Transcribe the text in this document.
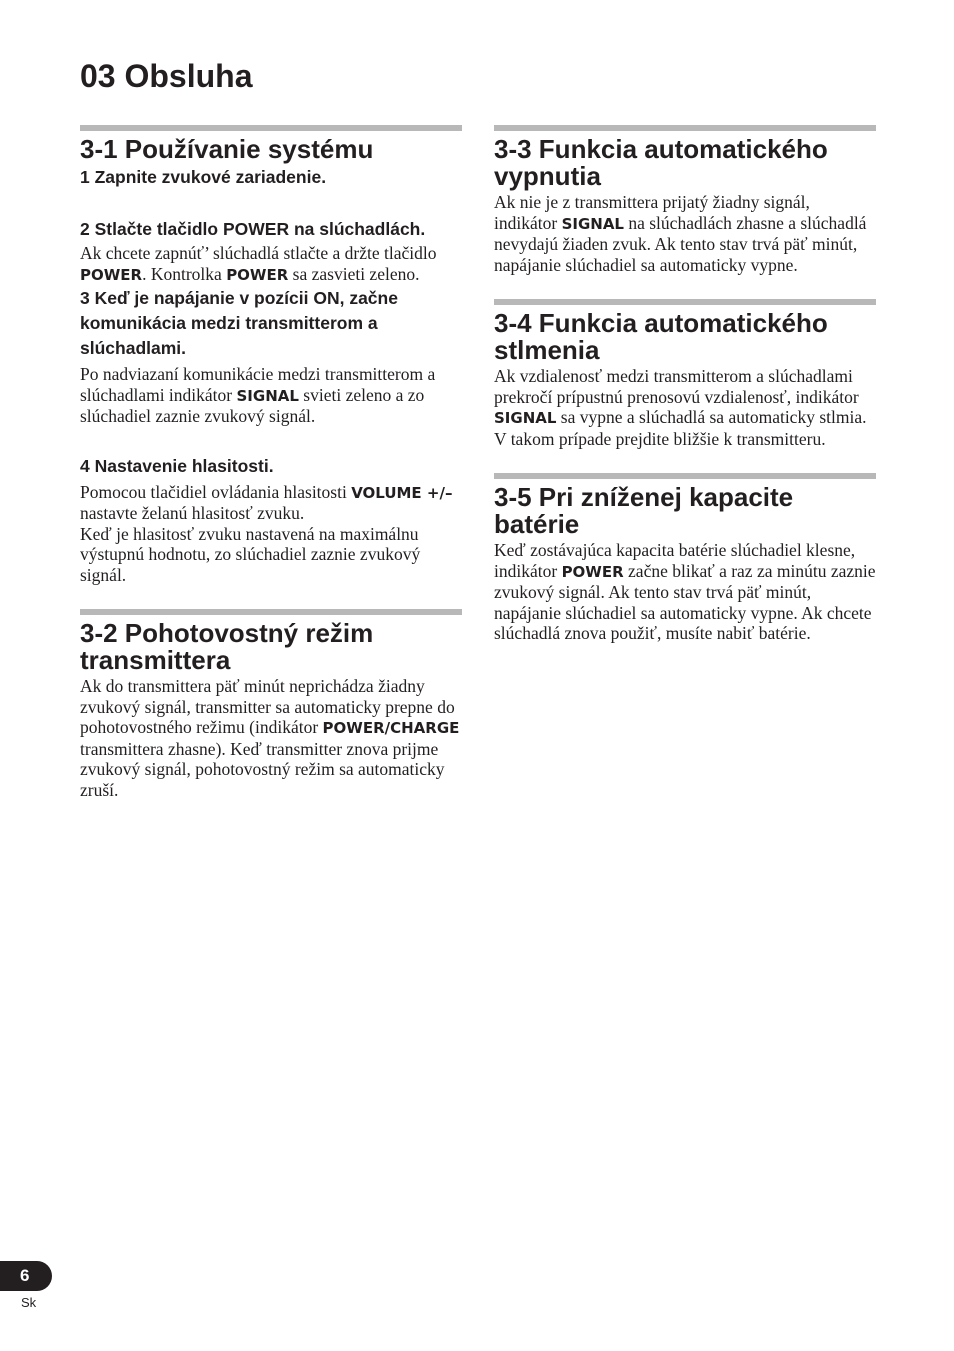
03 Obsluha
3-1 Používanie systému
1 Zapnite zvukové zariadenie.
2 Stlačte tlačidlo POWER na slúchadlách.

Ak chcete zapnúť’ slúchadlá stlačte a držte tlačidlo POWER. Kontrolka POWER sa zasvieti zeleno.

3 Keď je napájanie v pozícii ON, začne komunikácia medzi transmitterom a slúchadlami.

Po nadviazaní komunikácie medzi transmitterom a slúchadlami indikátor SIGNAL svieti zeleno a zo slúchadiel zaznie zvukový signál.

4 Nastavenie hlasitosti.

Pomocou tlačidiel ovládania hlasitosti VOLUME +/– nastavte želanú hlasitosť zvuku.

Keď je hlasitosť zvuku nastavená na maximálnu výstupnú hodnotu, zo slúchadiel zaznie zvukový signál.

3-2 Pohotovostný režim transmittera

Ak do transmittera päť minút neprichádza žiadny zvukový signál, transmitter sa automaticky prepne do pohotovostného režimu (indikátor POWER/CHARGE transmittera zhasne). Keď transmitter znova prijme zvukový signál, pohotovostný režim sa automaticky zruší.

3-3 Funkcia automatického vypnutia

Ak nie je z transmittera prijatý žiadny signál, indikátor SIGNAL na slúchadlách zhasne a slúchadlá nevydajú žiaden zvuk. Ak tento stav trvá päť minút, napájanie slúchadiel sa automaticky vypne.

3-4 Funkcia automatického stlmenia

Ak vzdialenosť medzi transmitterom a slúchadlami prekročí prípustnú prenosovú vzdialenosť, indikátor SIGNAL sa vypne a slúchadlá sa automaticky stlmia. V takom prípade prejdite bližšie k transmitteru.

3-5 Pri zníženej kapacite batérie

Keď zostávajúca kapacita batérie slúchadiel klesne, indikátor POWER začne blikať a raz za minútu zaznie zvukový signál. Ak tento stav trvá päť minút, napájanie slúchadiel sa automaticky vypne. Ak chcete slúchadlá znova použiť, musíte nabiť batérie.

6
Sk
